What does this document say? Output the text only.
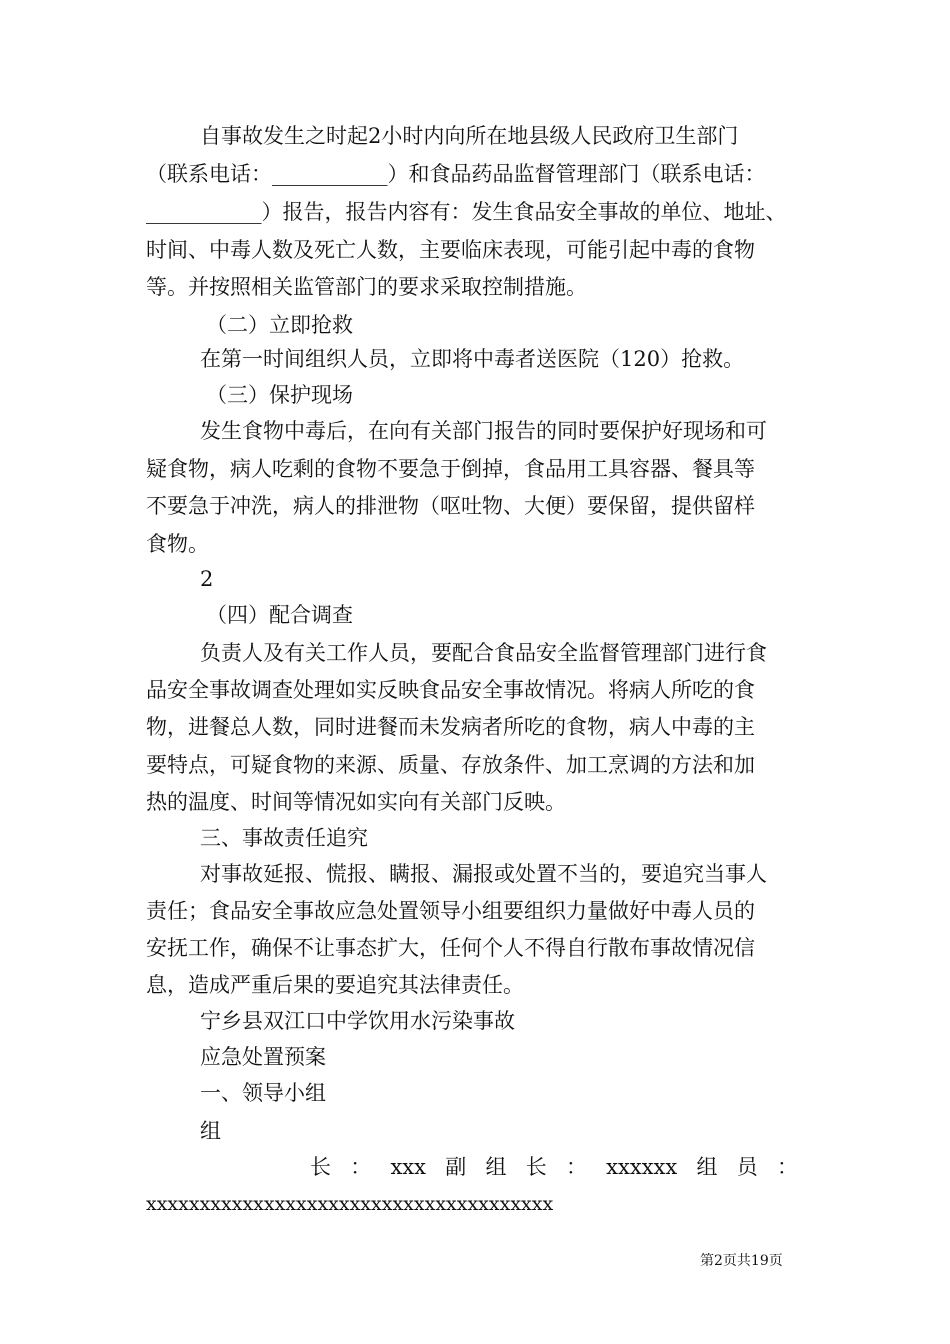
自事故发生之时起2小时内向所在地县级人民政府卫生部门
（联系电话：___________）和食品药品监督管理部门（联系电话：
___________）报告，报告内容有：发生食品安全事故的单位、地址、
时间、中毒人数及死亡人数，主要临床表现，可能引起中毒的食物
等。并按照相关监管部门的要求采取控制措施。
（二）立即抢救
在第一时间组织人员，立即将中毒者送医院（120）抢救。
（三）保护现场
发生食物中毒后，在向有关部门报告的同时要保护好现场和可
疑食物，病人吃剩的食物不要急于倒掉，食品用工具容器、餐具等
不要急于冲洗，病人的排泄物（呕吐物、大便）要保留，提供留样
食物。
2
（四）配合调查
负责人及有关工作人员，要配合食品安全监督管理部门进行食
品安全事故调查处理如实反映食品安全事故情况。将病人所吃的食
物，进餐总人数，同时进餐而未发病者所吃的食物，病人中毒的主
要特点，可疑食物的来源、质量、存放条件、加工烹调的方法和加
热的温度、时间等情况如实向有关部门反映。
三、事故责任追究
对事故延报、慌报、瞒报、漏报或处置不当的，要追究当事人
责任；食品安全事故应急处置领导小组要组织力量做好中毒人员的
安抚工作，确保不让事态扩大，任何个人不得自行散布事故情况信
息，造成严重后果的要追究其法律责任。
宁乡县双江口中学饮用水污染事故
应急处置预案
一、领导小组
组
长 ： xxx 副 组 长 ： xxxxxx 组 员 ：
xxxxxxxxxxxxxxxxxxxxxxxxxxxxxxxxxxxxxx
第2页共19页
